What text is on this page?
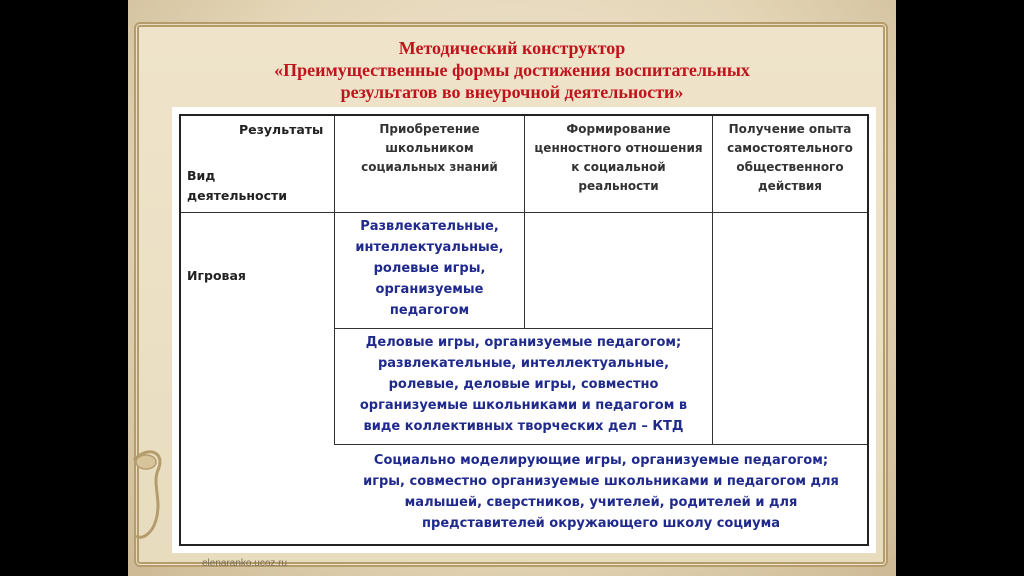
Методический конструктор
«Преимущественные формы достижения воспитательных
результатов во внеурочной деятельности»
Результаты
Вид
деятельности
Приобретение
школьником
социальных знаний
Формирование
ценностного отношения
к социальной
реальности
Получение опыта
самостоятельного
общественного
действия
Игровая
Развлекательные,
интеллектуальные,
ролевые игры,
организуемые
педагогом
Деловые игры, организуемые педагогом;
развлекательные, интеллектуальные,
ролевые, деловые игры, совместно
организуемые школьниками и педагогом в
виде коллективных творческих дел – КТД
Социально моделирующие игры, организуемые педагогом;
игры, совместно организуемые школьниками и педагогом для
малышей, сверстников, учителей, родителей и для
представителей окружающего школу социума
elenaranko.ucoz.ru
